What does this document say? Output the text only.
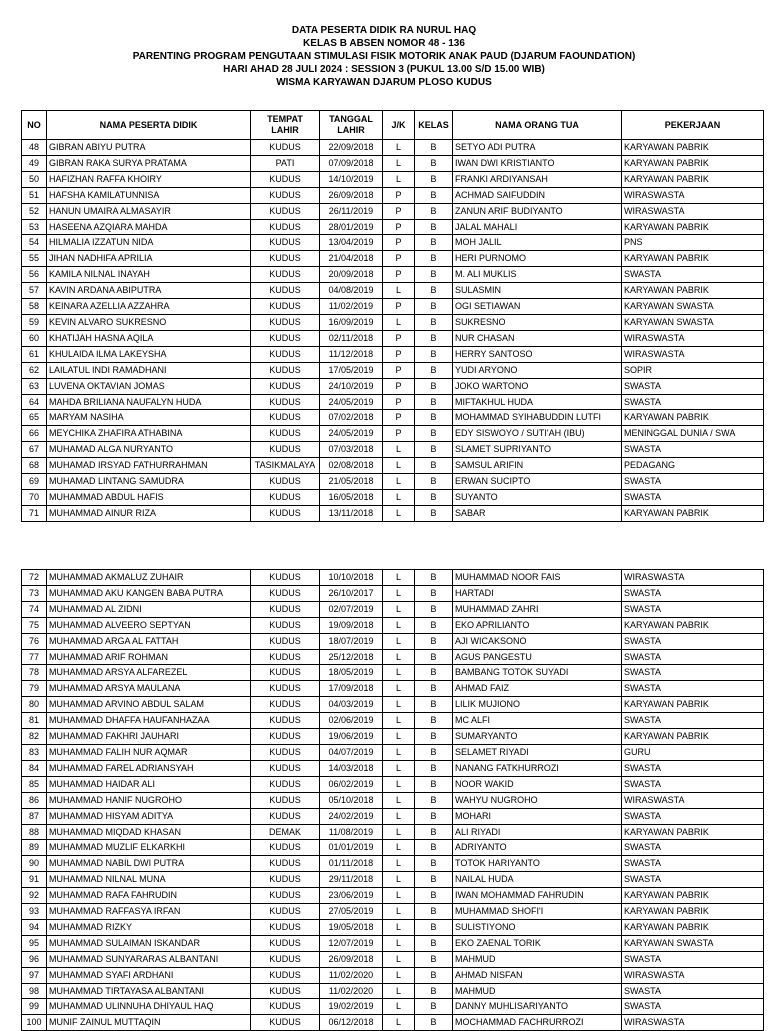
DATA PESERTA DIDIK RA NURUL HAQ
KELAS B ABSEN NOMOR 48 - 136
PARENTING PROGRAM PENGUTAAN STIMULASI FISIK MOTORIK ANAK PAUD (DJARUM FAOUNDATION)
HARI AHAD 28 JULI 2024 : SESSION 3 (PUKUL 13.00 S/D 15.00 WIB)
WISMA KARYAWAN DJARUM PLOSO KUDUS
NO	NAMA PESERTA DIDIK	TEMPAT LAHIR	TANGGAL LAHIR	J/K	KELAS	NAMA ORANG TUA	PEKERJAAN
48	GIBRAN ABIYU PUTRA	KUDUS	22/09/2018	L	B	SETYO ADI PUTRA	KARYAWAN PABRIK
49	GIBRAN RAKA SURYA PRATAMA	PATI	07/09/2018	L	B	IWAN DWI KRISTIANTO	KARYAWAN PABRIK
50	HAFIZHAN RAFFA KHOIRY	KUDUS	14/10/2019	L	B	FRANKI ARDIYANSAH	KARYAWAN PABRIK
51	HAFSHA KAMILATUNNISA	KUDUS	26/09/2018	P	B	ACHMAD SAIFUDDIN	WIRASWASTA
52	HANUN UMAIRA ALMASAYIR	KUDUS	26/11/2019	P	B	ZANUN ARIF BUDIYANTO	WIRASWASTA
53	HASEENA AZQIARA MAHDA	KUDUS	28/01/2019	P	B	JALAL MAHALI	KARYAWAN PABRIK
54	HILMALIA IZZATUN NIDA	KUDUS	13/04/2019	P	B	MOH JALIL	PNS
55	JIHAN NADHIFA APRILIA	KUDUS	21/04/2018	P	B	HERI PURNOMO	KARYAWAN PABRIK
56	KAMILA NILNAL INAYAH	KUDUS	20/09/2018	P	B	M. ALI MUKLIS	SWASTA
57	KAVIN ARDANA ABIPUTRA	KUDUS	04/08/2019	L	B	SULASMIN	KARYAWAN PABRIK
58	KEINARA AZELLIA AZZAHRA	KUDUS	11/02/2019	P	B	OGI SETIAWAN	KARYAWAN SWASTA
59	KEVIN ALVARO SUKRESNO	KUDUS	16/09/2019	L	B	SUKRESNO	KARYAWAN SWASTA
60	KHATIJAH HASNA AQILA	KUDUS	02/11/2018	P	B	NUR CHASAN	WIRASWASTA
61	KHULAIDA ILMA LAKEYSHA	KUDUS	11/12/2018	P	B	HERRY SANTOSO	WIRASWASTA
62	LAILATUL INDI RAMADHANI	KUDUS	17/05/2019	P	B	YUDI ARYONO	SOPIR
63	LUVENA OKTAVIAN JOMAS	KUDUS	24/10/2019	P	B	JOKO WARTONO	SWASTA
64	MAHDA BRILIANA NAUFALYN HUDA	KUDUS	24/05/2019	P	B	MIFTAKHUL HUDA	SWASTA
65	MARYAM NASIHA	KUDUS	07/02/2018	P	B	MOHAMMAD SYIHABUDDIN LUTFI	KARYAWAN PABRIK
66	MEYCHIKA ZHAFIRA ATHABINA	KUDUS	24/05/2019	P	B	EDY SISWOYO / SUTI'AH (IBU)	MENINGGAL DUNIA / SWA
67	MUHAMAD ALGA NURYANTO	KUDUS	07/03/2018	L	B	SLAMET SUPRIYANTO	SWASTA
68	MUHAMAD IRSYAD FATHURRAHMAN	TASIKMALAYA	02/08/2018	L	B	SAMSUL ARIFIN	PEDAGANG
69	MUHAMAD LINTANG SAMUDRA	KUDUS	21/05/2018	L	B	ERWAN SUCIPTO	SWASTA
70	MUHAMMAD ABDUL HAFIS	KUDUS	16/05/2018	L	B	SUYANTO	SWASTA
71	MUHAMMAD AINUR RIZA	KUDUS	13/11/2018	L	B	SABAR	KARYAWAN PABRIK
72	MUHAMMAD AKMALUZ ZUHAIR	KUDUS	10/10/2018	L	B	MUHAMMAD NOOR FAIS	WIRASWASTA
73	MUHAMMAD AKU KANGEN BABA PUTRA	KUDUS	26/10/2017	L	B	HARTADI	SWASTA
74	MUHAMMAD AL ZIDNI	KUDUS	02/07/2019	L	B	MUHAMMAD ZAHRI	SWASTA
75	MUHAMMAD ALVEERO SEPTYAN	KUDUS	19/09/2018	L	B	EKO APRILIANTO	KARYAWAN PABRIK
76	MUHAMMAD ARGA AL FATTAH	KUDUS	18/07/2019	L	B	AJI WICAKSONO	SWASTA
77	MUHAMMAD ARIF ROHMAN	KUDUS	25/12/2018	L	B	AGUS PANGESTU	SWASTA
78	MUHAMMAD ARSYA ALFAREZEL	KUDUS	18/05/2019	L	B	BAMBANG TOTOK SUYADI	SWASTA
79	MUHAMMAD ARSYA MAULANA	KUDUS	17/09/2018	L	B	AHMAD FAIZ	SWASTA
80	MUHAMMAD ARVINO ABDUL SALAM	KUDUS	04/03/2019	L	B	LILIK MUJIONO	KARYAWAN PABRIK
81	MUHAMMAD DHAFFA HAUFANHAZAA	KUDUS	02/06/2019	L	B	MC ALFI	SWASTA
82	MUHAMMAD FAKHRI JAUHARI	KUDUS	19/06/2019	L	B	SUMARYANTO	KARYAWAN PABRIK
83	MUHAMMAD FALIH NUR AQMAR	KUDUS	04/07/2019	L	B	SELAMET RIYADI	GURU
84	MUHAMMAD FAREL ADRIANSYAH	KUDUS	14/03/2018	L	B	NANANG FATKHURROZI	SWASTA
85	MUHAMMAD HAIDAR ALI	KUDUS	06/02/2019	L	B	NOOR WAKID	SWASTA
86	MUHAMMAD HANIF NUGROHO	KUDUS	05/10/2018	L	B	WAHYU NUGROHO	WIRASWASTA
87	MUHAMMAD HISYAM ADITYA	KUDUS	24/02/2019	L	B	MOHARI	SWASTA
88	MUHAMMAD MIQDAD KHASAN	DEMAK	11/08/2019	L	B	ALI RIYADI	KARYAWAN PABRIK
89	MUHAMMAD MUZLIF ELKARKHI	KUDUS	01/01/2019	L	B	ADRIYANTO	SWASTA
90	MUHAMMAD NABIL DWI PUTRA	KUDUS	01/11/2018	L	B	TOTOK HARIYANTO	SWASTA
91	MUHAMMAD NILNAL MUNA	KUDUS	29/11/2018	L	B	NAILAL HUDA	SWASTA
92	MUHAMMAD RAFA FAHRUDIN	KUDUS	23/06/2019	L	B	IWAN MOHAMMAD FAHRUDIN	KARYAWAN PABRIK
93	MUHAMMAD RAFFASYA IRFAN	KUDUS	27/05/2019	L	B	MUHAMMAD SHOFI'I	KARYAWAN PABRIK
94	MUHAMMAD RIZKY	KUDUS	19/05/2018	L	B	SULISTIYONO	KARYAWAN PABRIK
95	MUHAMMAD SULAIMAN ISKANDAR	KUDUS	12/07/2019	L	B	EKO ZAENAL TORIK	KARYAWAN SWASTA
96	MUHAMMAD SUNYARARAS ALBANTANI	KUDUS	26/09/2018	L	B	MAHMUD	SWASTA
97	MUHAMMAD SYAFI ARDHANI	KUDUS	11/02/2020	L	B	AHMAD NISFAN	WIRASWASTA
98	MUHAMMAD TIRTAYASA ALBANTANI	KUDUS	11/02/2020	L	B	MAHMUD	SWASTA
99	MUHAMMAD ULINNUHA DHIYAUL HAQ	KUDUS	19/02/2019	L	B	DANNY MUHLISARIYANTO	SWASTA
100	MUNIF ZAINUL MUTTAQIN	KUDUS	06/12/2018	L	B	MOCHAMMAD FACHRURROZI	WIRASWASTA
